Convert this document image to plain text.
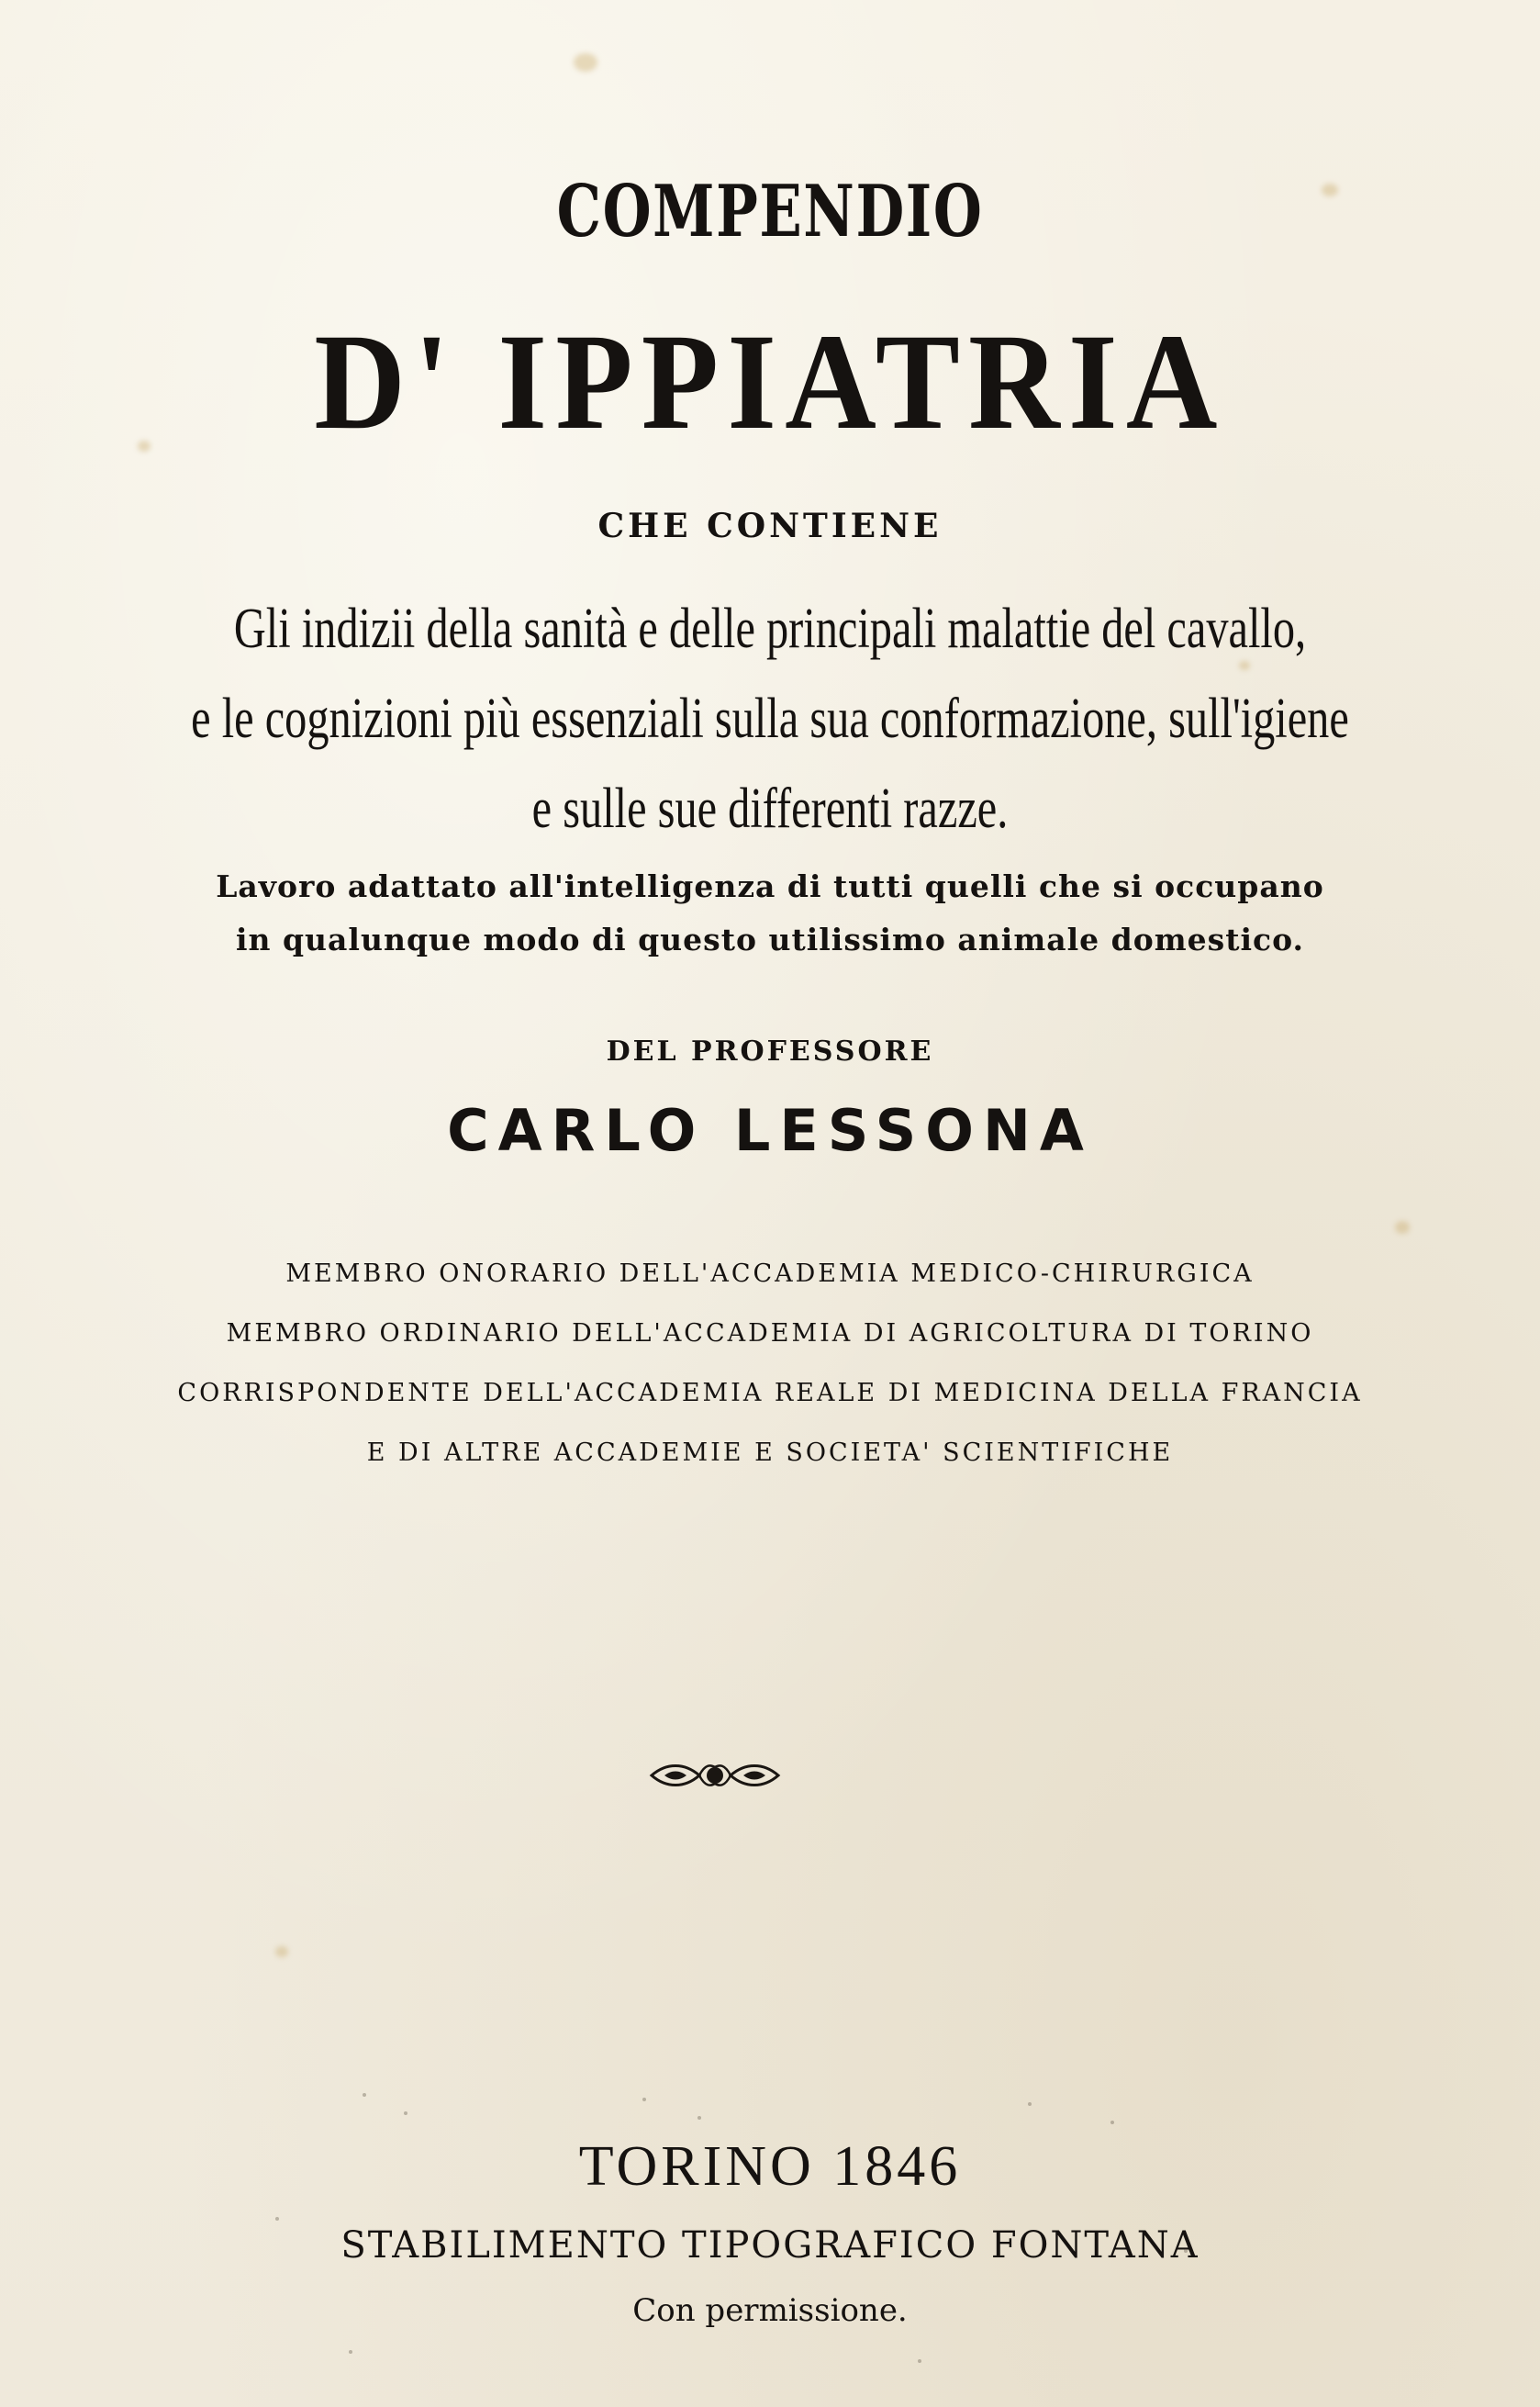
COMPENDIO
D' IPPIATRIA
CHE CONTIENE
Gli indizii della sanità e delle principali malattie del cavallo,
e le cognizioni più essenziali sulla sua conformazione, sull'igiene
e sulle sue differenti razze.
Lavoro adattato all'intelligenza di tutti quelli che si occupano
in qualunque modo di questo utilissimo animale domestico.
DEL PROFESSORE
CARLO LESSONA
MEMBRO ONORARIO DELL'ACCADEMIA MEDICO-CHIRURGICA
MEMBRO ORDINARIO DELL'ACCADEMIA DI AGRICOLTURA DI TORINO
CORRISPONDENTE DELL'ACCADEMIA REALE DI MEDICINA DELLA FRANCIA
E DI ALTRE ACCADEMIE E SOCIETA' SCIENTIFICHE
TORINO 1846
STABILIMENTO TIPOGRAFICO FONTANA
Con permissione.
